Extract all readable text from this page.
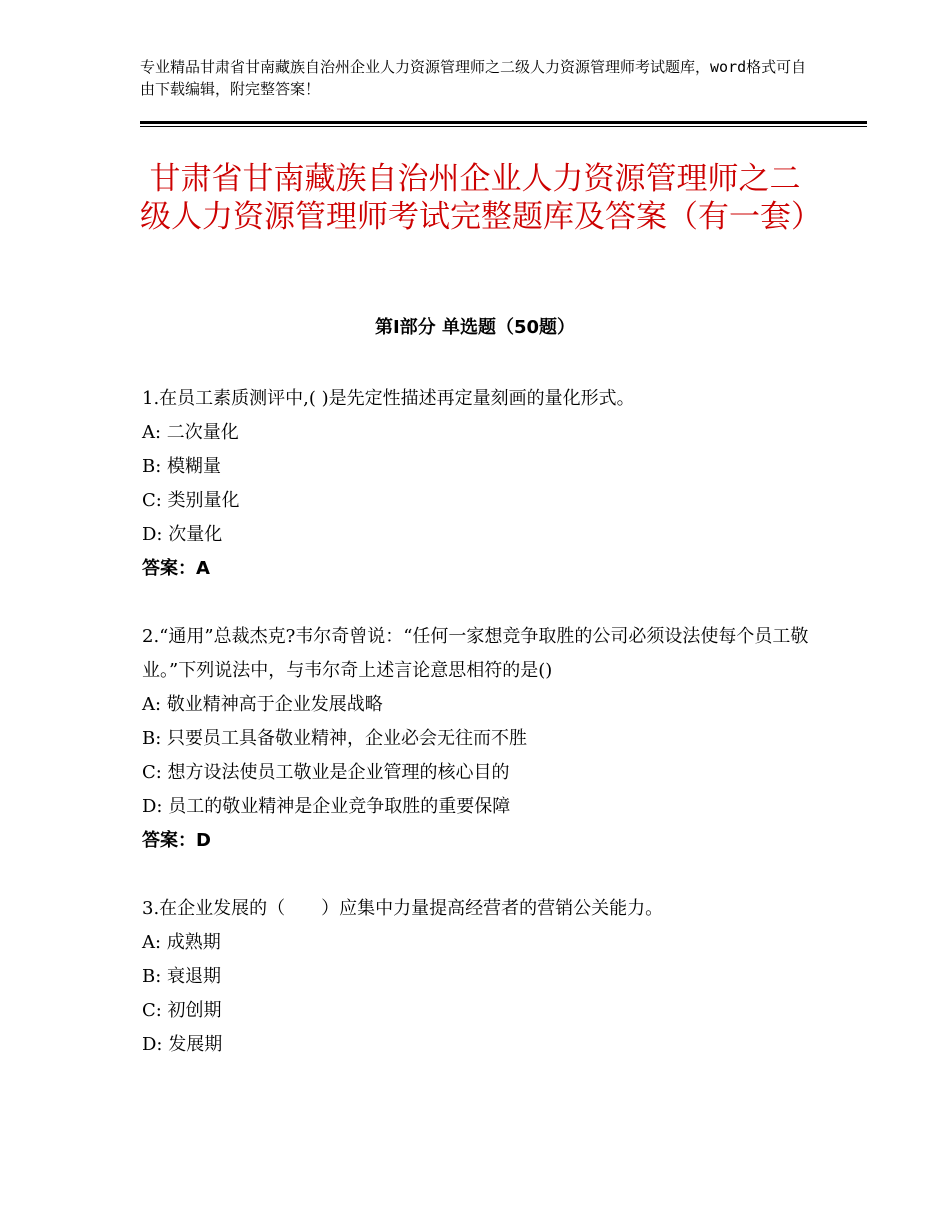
专业精品甘肃省甘南藏族自治州企业人力资源管理师之二级人力资源管理师考试题库，word格式可自由下载编辑，附完整答案！
甘肃省甘南藏族自治州企业人力资源管理师之二级人力资源管理师考试完整题库及答案（有一套）
第Ⅰ部分 单选题（50题）
1.在员工素质测评中,( )是先定性描述再定量刻画的量化形式。
A: 二次量化
B: 模糊量
C: 类别量化
D: 次量化
答案：A
2.“通用”总裁杰克?韦尔奇曾说：“任何一家想竞争取胜的公司必须设法使每个员工敬业。”下列说法中，与韦尔奇上述言论意思相符的是()
A: 敬业精神高于企业发展战略
B: 只要员工具备敬业精神，企业必会无往而不胜
C: 想方设法使员工敬业是企业管理的核心目的
D: 员工的敬业精神是企业竞争取胜的重要保障
答案：D
3.在企业发展的（　　）应集中力量提高经营者的营销公关能力。
A: 成熟期
B: 衰退期
C: 初创期
D: 发展期
